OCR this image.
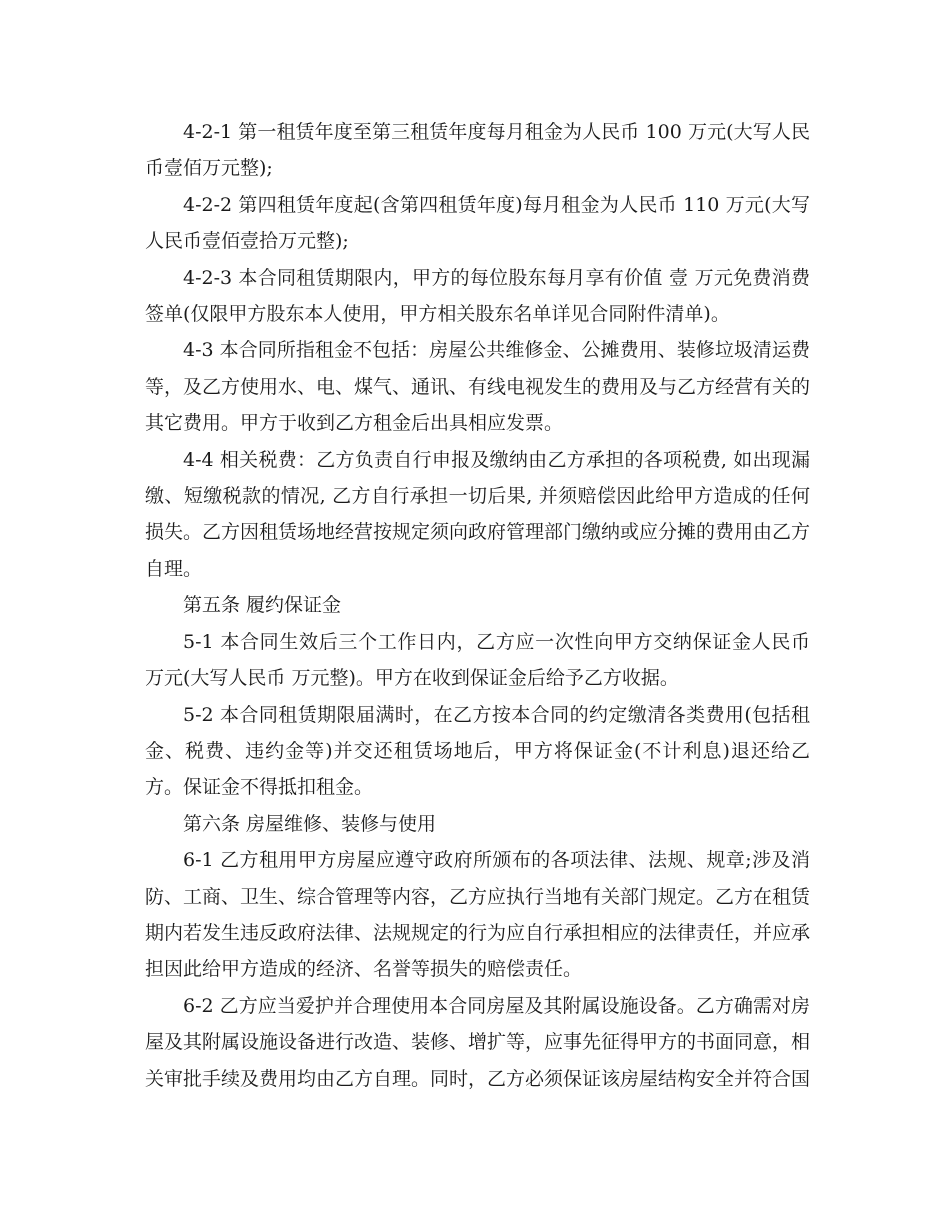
4-2-1 第一租赁年度至第三租赁年度每月租金为人民币 100 万元(大写人民币壹佰万元整);

4-2-2 第四租赁年度起(含第四租赁年度)每月租金为人民币 110 万元(大写人民币壹佰壹拾万元整);

4-2-3 本合同租赁期限内，甲方的每位股东每月享有价值 壹 万元免费消费签单(仅限甲方股东本人使用，甲方相关股东名单详见合同附件清单)。

4-3 本合同所指租金不包括：房屋公共维修金、公摊费用、装修垃圾清运费等，及乙方使用水、电、煤气、通讯、有线电视发生的费用及与乙方经营有关的其它费用。甲方于收到乙方租金后出具相应发票。

4-4 相关税费：乙方负责自行申报及缴纳由乙方承担的各项税费, 如出现漏缴、短缴税款的情况, 乙方自行承担一切后果, 并须赔偿因此给甲方造成的任何损失。乙方因租赁场地经营按规定须向政府管理部门缴纳或应分摊的费用由乙方自理。

第五条 履约保证金

5-1 本合同生效后三个工作日内，乙方应一次性向甲方交纳保证金人民币 万元(大写人民币 万元整)。甲方在收到保证金后给予乙方收据。

5-2 本合同租赁期限届满时，在乙方按本合同的约定缴清各类费用(包括租金、税费、违约金等)并交还租赁场地后，甲方将保证金(不计利息)退还给乙方。保证金不得抵扣租金。

第六条 房屋维修、装修与使用

6-1 乙方租用甲方房屋应遵守政府所颁布的各项法律、法规、规章;涉及消防、工商、卫生、综合管理等内容，乙方应执行当地有关部门规定。乙方在租赁期内若发生违反政府法律、法规规定的行为应自行承担相应的法律责任，并应承担因此给甲方造成的经济、名誉等损失的赔偿责任。

6-2 乙方应当爱护并合理使用本合同房屋及其附属设施设备。乙方确需对房屋及其附属设施设备进行改造、装修、增扩等，应事先征得甲方的书面同意，相关审批手续及费用均由乙方自理。同时，乙方必须保证该房屋结构安全并符合国
